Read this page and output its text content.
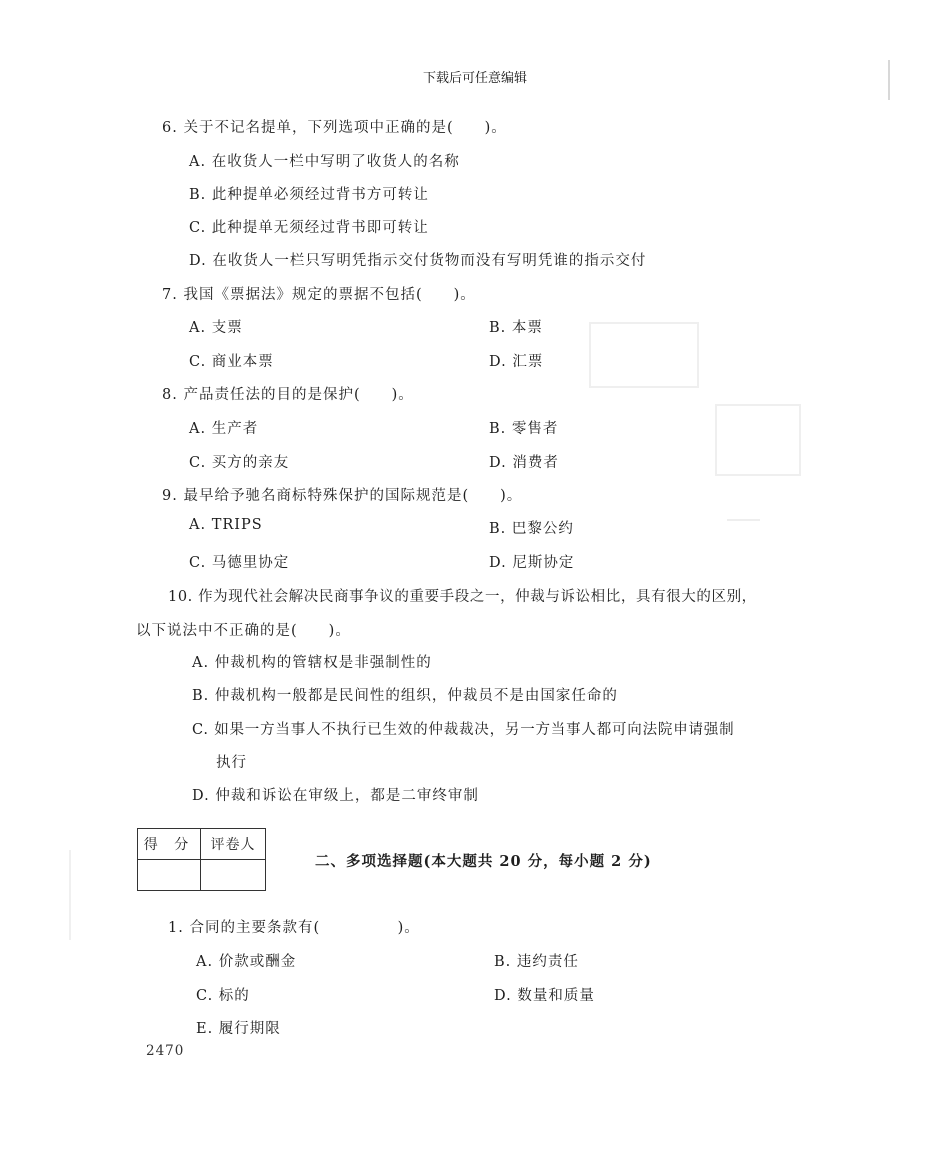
下载后可任意编辑
6. 关于不记名提单，下列选项中正确的是(　　)。
A. 在收货人一栏中写明了收货人的名称
B. 此种提单必须经过背书方可转让
C. 此种提单无须经过背书即可转让
D. 在收货人一栏只写明凭指示交付货物而没有写明凭谁的指示交付
7. 我国《票据法》规定的票据不包括(　　)。
A. 支票	B. 本票
C. 商业本票	D. 汇票
8. 产品责任法的目的是保护(　　)。
A. 生产者	B. 零售者
C. 买方的亲友	D. 消费者
9. 最早给予驰名商标特殊保护的国际规范是(　　)。
A. TRIPS	B. 巴黎公约
C. 马德里协定	D. 尼斯协定
10. 作为现代社会解决民商事争议的重要手段之一，仲裁与诉讼相比，具有很大的区别，
以下说法中不正确的是(　　)。
A. 仲裁机构的管辖权是非强制性的
B. 仲裁机构一般都是民间性的组织，仲裁员不是由国家任命的
C. 如果一方当事人不执行已生效的仲裁裁决，另一方当事人都可向法院申请强制
执行
D. 仲裁和诉讼在审级上，都是二审终审制
得 分	评卷人

二、多项选择题(本大题共 20 分，每小题 2 分)
1. 合同的主要条款有(　　　　　)。
A. 价款或酬金	B. 违约责任
C. 标的	D. 数量和质量
E. 履行期限
2470
